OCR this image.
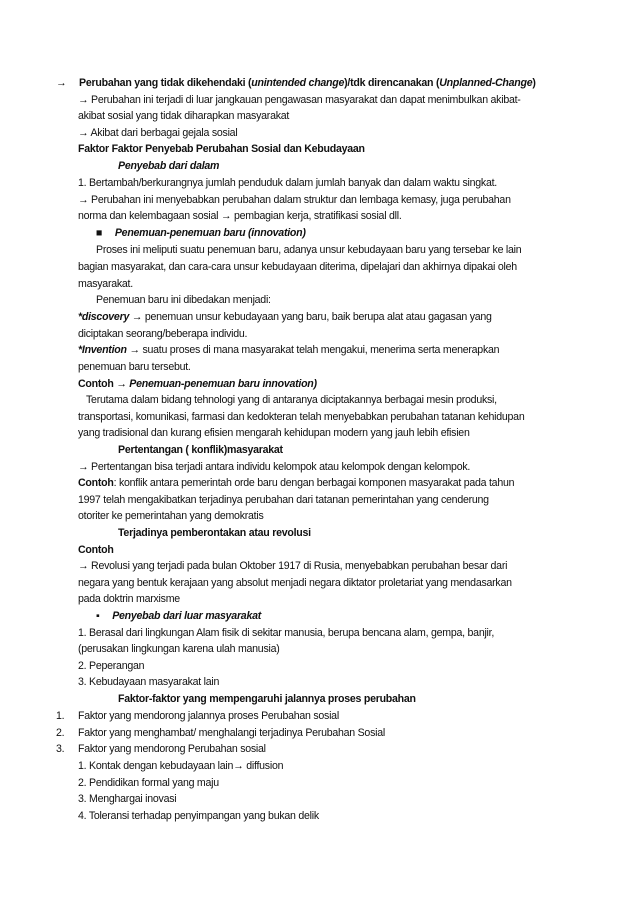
→ Perubahan yang tidak dikehendaki (unintended change)/tdk direncanakan (Unplanned-Change)
→ Perubahan ini terjadi di luar jangkauan pengawasan masyarakat dan dapat menimbulkan akibat-
akibat sosial yang tidak diharapkan masyarakat
→ Akibat dari berbagai gejala sosial
Faktor Faktor Penyebab Perubahan Sosial dan Kebudayaan
Penyebab dari dalam
1. Bertambah/berkurangnya jumlah penduduk dalam jumlah banyak dan dalam waktu singkat.
→ Perubahan ini menyebabkan perubahan dalam struktur dan lembaga kemasy, juga perubahan
norma dan kelembagaan sosial → pembagian kerja, stratifikasi sosial dll.
■ Penemuan-penemuan baru (innovation)
Proses ini meliputi suatu penemuan baru, adanya unsur kebudayaan baru yang tersebar ke lain
bagian masyarakat, dan cara-cara unsur kebudayaan diterima, dipelajari dan akhirnya dipakai oleh
masyarakat.
Penemuan baru ini dibedakan menjadi:
*discovery → penemuan unsur kebudayaan yang baru, baik berupa alat atau gagasan yang
diciptakan seorang/beberapa individu.
*Invention → suatu proses di mana masyarakat telah mengakui, menerima serta menerapkan
penemuan baru tersebut.
Contoh → Penemuan-penemuan baru innovation)
Terutama dalam bidang tehnologi yang di antaranya diciptakannya berbagai mesin produksi,
transportasi, komunikasi, farmasi dan kedokteran telah menyebabkan perubahan tatanan kehidupan
yang tradisional dan kurang efisien mengarah kehidupan modern yang jauh lebih efisien
Pertentangan ( konflik)masyarakat
→ Pertentangan bisa terjadi antara individu kelompok atau kelompok dengan kelompok.
Contoh: konflik antara pemerintah orde baru dengan berbagai komponen masyarakat pada tahun
1997 telah mengakibatkan terjadinya perubahan dari tatanan pemerintahan yang cenderung
otoriter ke pemerintahan yang demokratis
Terjadinya pemberontakan atau revolusi
Contoh
→ Revolusi yang terjadi pada bulan Oktober 1917 di Rusia, menyebabkan perubahan besar dari
negara yang bentuk kerajaan yang absolut menjadi negara diktator proletariat yang mendasarkan
pada doktrin marxisme
▪ Penyebab dari luar masyarakat
1. Berasal dari lingkungan Alam fisik di sekitar manusia, berupa bencana alam, gempa, banjir,
(perusakan lingkungan karena ulah manusia)
2. Peperangan
3. Kebudayaan masyarakat lain
Faktor-faktor yang mempengaruhi jalannya proses perubahan
1. Faktor yang mendorong jalannya proses Perubahan sosial
2. Faktor yang menghambat/ menghalangi terjadinya Perubahan Sosial
3. Faktor yang mendorong Perubahan sosial
1. Kontak dengan kebudayaan lain→ diffusion
2. Pendidikan formal yang maju
3. Menghargai inovasi
4. Toleransi terhadap penyimpangan yang bukan delik
